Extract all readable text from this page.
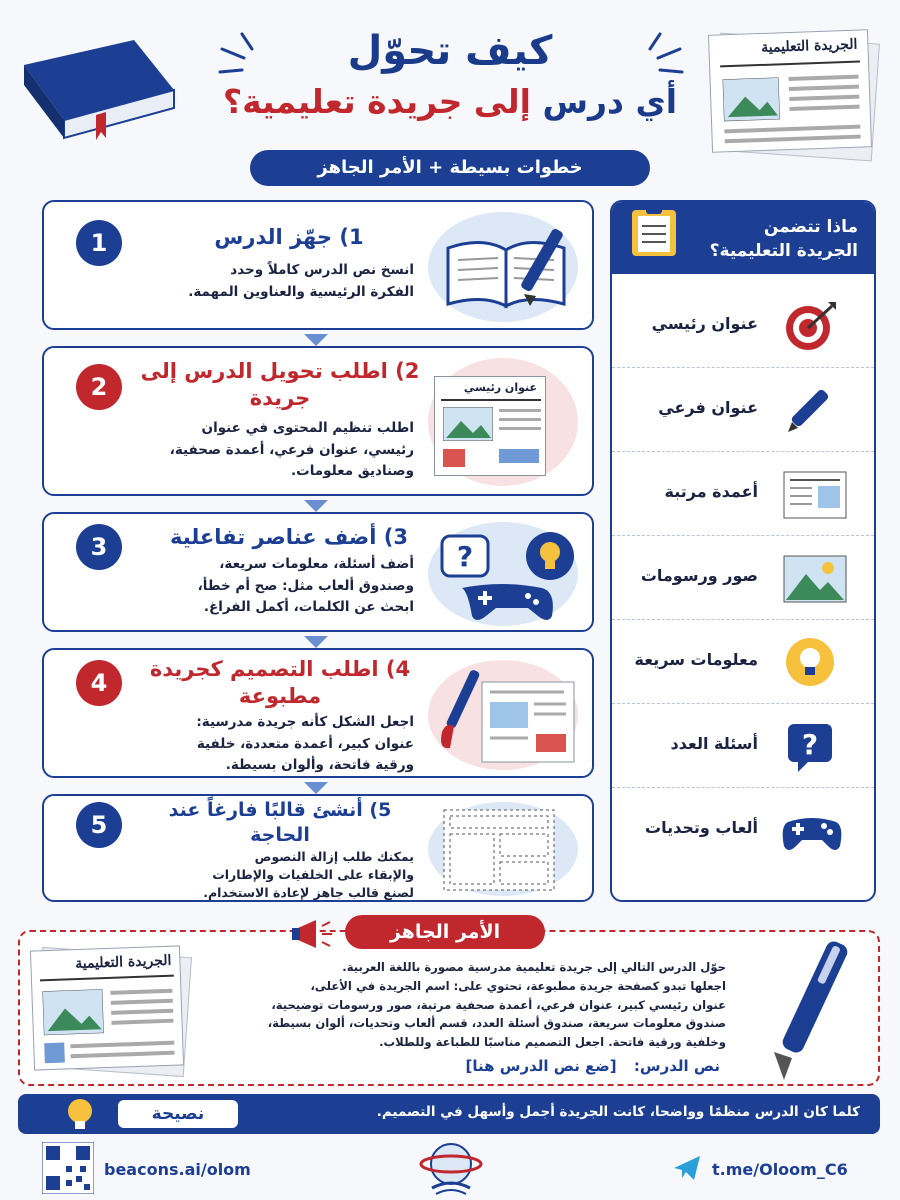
كيف تحوّل
أي درس إلى جريدة تعليمية؟
الجريدة التعليمية
خطوات بسيطة + الأمر الجاهز
1	1) جهّز الدرس
انسخ نص الدرس كاملاً وحدد
الفكرة الرئيسية والعناوين المهمة.
2
2) اطلب تحويل الدرس إلى جريدة
اطلب تنظيم المحتوى في عنوان
رئيسي، عنوان فرعي، أعمدة صحفية،
وصناديق معلومات.
عنوان رئيسي
3	3) أضف عناصر تفاعلية
أضف أسئلة، معلومات سريعة،
وصندوق ألعاب مثل: صح أم خطأ،
ابحث عن الكلمات، أكمل الفراغ.
?
4	4) اطلب التصميم كجريدة مطبوعة
اجعل الشكل كأنه جريدة مدرسية:
عنوان كبير، أعمدة متعددة، خلفية
ورقية فاتحة، وألوان بسيطة.
5
5) أنشئ قالبًا فارغاً عند الحاجة
يمكنك طلب إزالة النصوص
والإبقاء على الخلفيات والإطارات
لصنع قالب جاهز لإعادة الاستخدام.
ماذا تتضمن
الجريدة التعليمية؟
عنوان رئيسي
عنوان فرعي
أعمدة مرتبة
صور ورسومات
معلومات سريعة
أسئلة العدد ?
ألعاب وتحديات
الأمر الجاهز
الجريدة التعليمية	حوّل الدرس التالي إلى جريدة تعليمية مدرسية مصورة باللغة العربية.
اجعلها تبدو كصفحة جريدة مطبوعة، تحتوي على: اسم الجريدة في الأعلى،
عنوان رئيسي كبير، عنوان فرعي، أعمدة صحفية مرتبة، صور ورسومات توضيحية،
صندوق معلومات سريعة، صندوق أسئلة العدد، قسم ألعاب وتحديات، ألوان بسيطة،
وخلفية ورقية فاتحة. اجعل التصميم مناسبًا للطباعة وللطلاب.
نص الدرس: [ضع نص الدرس هنا]
نصيحة	كلما كان الدرس منظمًا وواضحا، كانت الجريدة أجمل وأسهل في التصميم.
beacons.ai/olom	t.me/Oloom_C6
